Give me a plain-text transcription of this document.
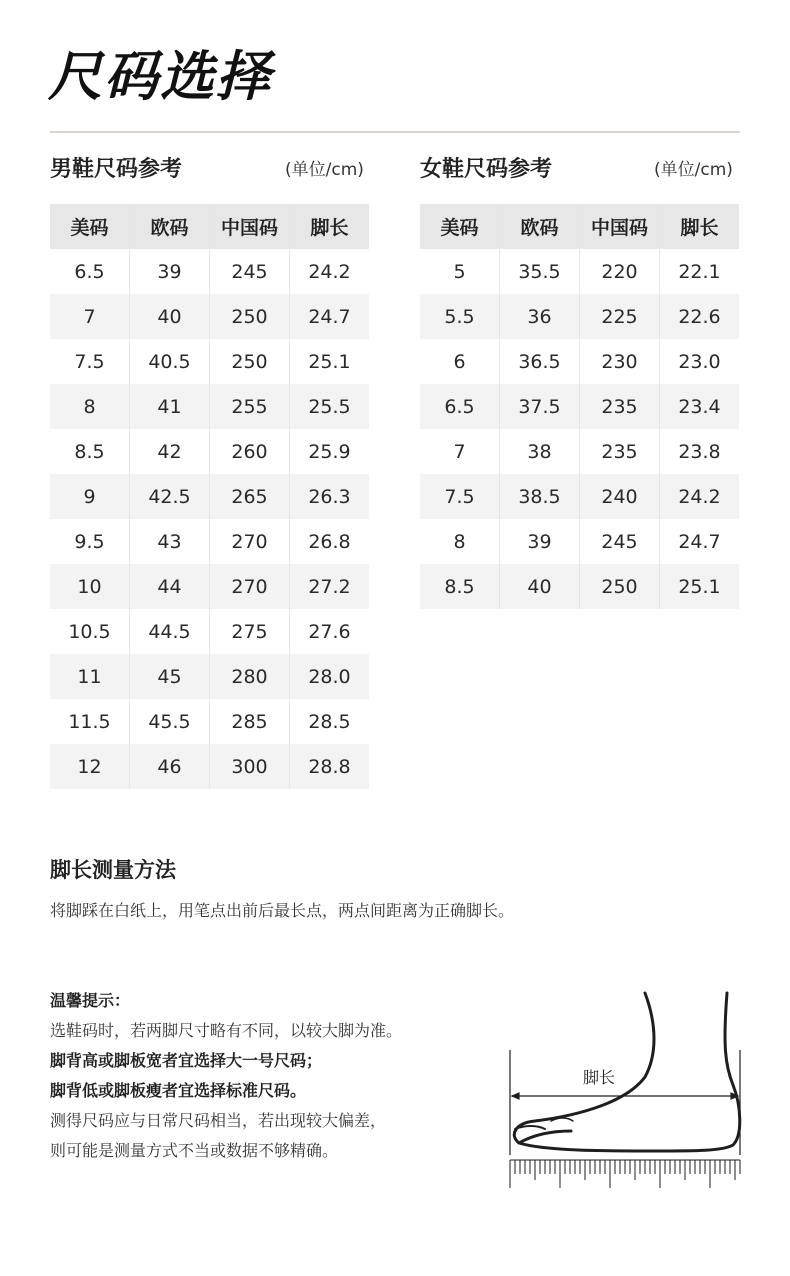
尺码选择
男鞋尺码参考	(单位/cm)
美码	欧码	中国码	脚长
6.5	39	245	24.2
7	40	250	24.7
7.5	40.5	250	25.1
8	41	255	25.5
8.5	42	260	25.9
9	42.5	265	26.3
9.5	43	270	26.8
10	44	270	27.2
10.5	44.5	275	27.6
11	45	280	28.0
11.5	45.5	285	28.5
12	46	300	28.8
女鞋尺码参考	(单位/cm)
美码	欧码	中国码	脚长
5	35.5	220	22.1
5.5	36	225	22.6
6	36.5	230	23.0
6.5	37.5	235	23.4
7	38	235	23.8
7.5	38.5	240	24.2
8	39	245	24.7
8.5	40	250	25.1
脚长测量方法
将脚踩在白纸上，用笔点出前后最长点，两点间距离为正确脚长。
温馨提示：
选鞋码时，若两脚尺寸略有不同，以较大脚为准。
脚背高或脚板宽者宜选择大一号尺码；
脚背低或脚板瘦者宜选择标准尺码。
测得尺码应与日常尺码相当，若出现较大偏差，
则可能是测量方式不当或数据不够精确。
脚长
